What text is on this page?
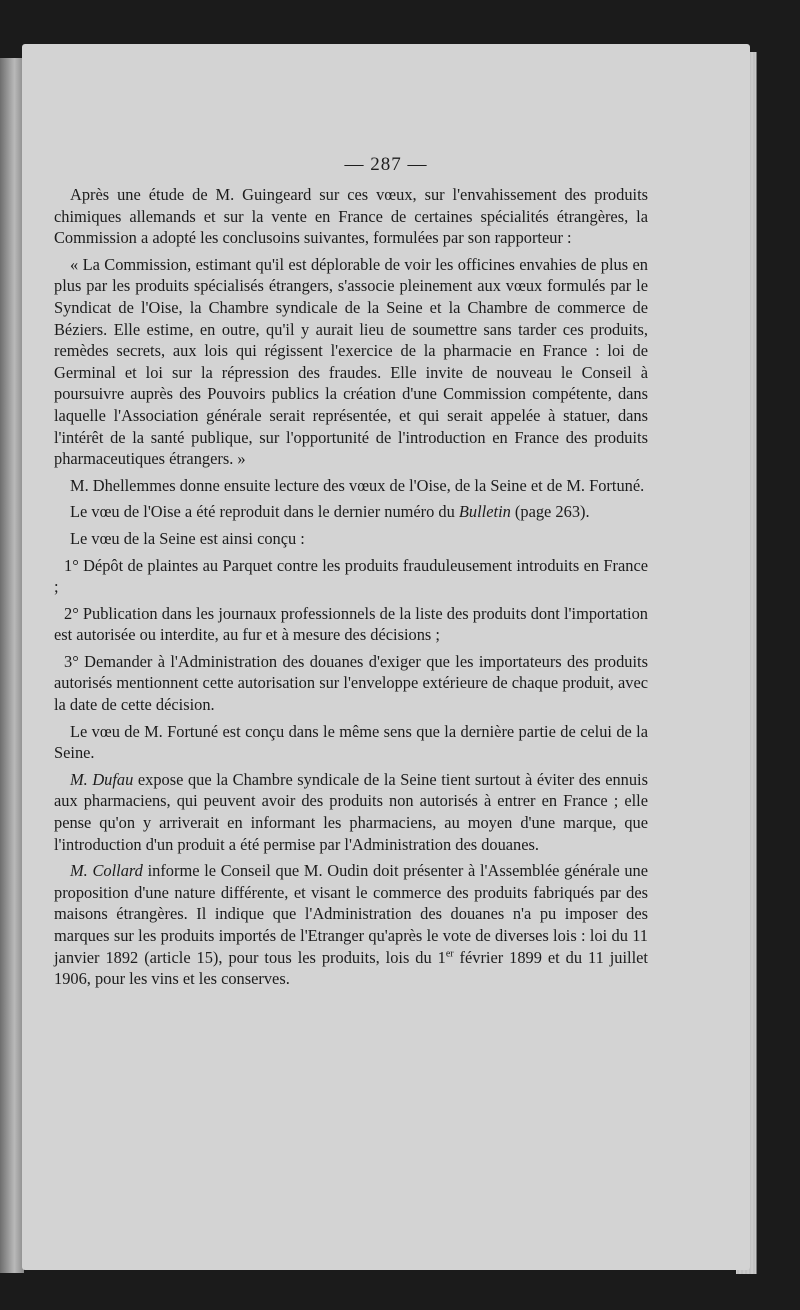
— 287 —

Après une étude de M. Guingeard sur ces vœux, sur l'envahissement des produits chimiques allemands et sur la vente en France de certaines spécialités étrangères, la Commission a adopté les conclusoins suivantes, formulées par son rapporteur :

« La Commission, estimant qu'il est déplorable de voir les officines envahies de plus en plus par les produits spécialisés étrangers, s'associe pleinement aux vœux formulés par le Syndicat de l'Oise, la Chambre syndicale de la Seine et la Chambre de commerce de Béziers. Elle estime, en outre, qu'il y aurait lieu de soumettre sans tarder ces produits, remèdes secrets, aux lois qui régissent l'exercice de la pharmacie en France : loi de Germinal et loi sur la répression des fraudes. Elle invite de nouveau le Conseil à poursuivre auprès des Pouvoirs publics la création d'une Commission compétente, dans laquelle l'Association générale serait représentée, et qui serait appelée à statuer, dans l'intérêt de la santé publique, sur l'opportunité de l'introduction en France des produits pharmaceutiques étrangers. »

M. Dhellemmes donne ensuite lecture des vœux de l'Oise, de la Seine et de M. Fortuné.

Le vœu de l'Oise a été reproduit dans le dernier numéro du Bulletin (page 263).

Le vœu de la Seine est ainsi conçu :

1° Dépôt de plaintes au Parquet contre les produits frauduleusement introduits en France ;

2° Publication dans les journaux professionnels de la liste des produits dont l'importation est autorisée ou interdite, au fur et à mesure des décisions ;

3° Demander à l'Administration des douanes d'exiger que les importateurs des produits autorisés mentionnent cette autorisation sur l'enveloppe extérieure de chaque produit, avec la date de cette décision.

Le vœu de M. Fortuné est conçu dans le même sens que la dernière partie de celui de la Seine.

M. Dufau expose que la Chambre syndicale de la Seine tient surtout à éviter des ennuis aux pharmaciens, qui peuvent avoir des produits non autorisés à entrer en France ; elle pense qu'on y arriverait en informant les pharmaciens, au moyen d'une marque, que l'introduction d'un produit a été permise par l'Administration des douanes.

M. Collard informe le Conseil que M. Oudin doit présenter à l'Assemblée générale une proposition d'une nature différente, et visant le commerce des produits fabriqués par des maisons étrangères. Il indique que l'Administration des douanes n'a pu imposer des marques sur les produits importés de l'Etranger qu'après le vote de diverses lois : loi du 11 janvier 1892 (article 15), pour tous les produits, lois du 1er février 1899 et du 11 juillet 1906, pour les vins et les conserves.
